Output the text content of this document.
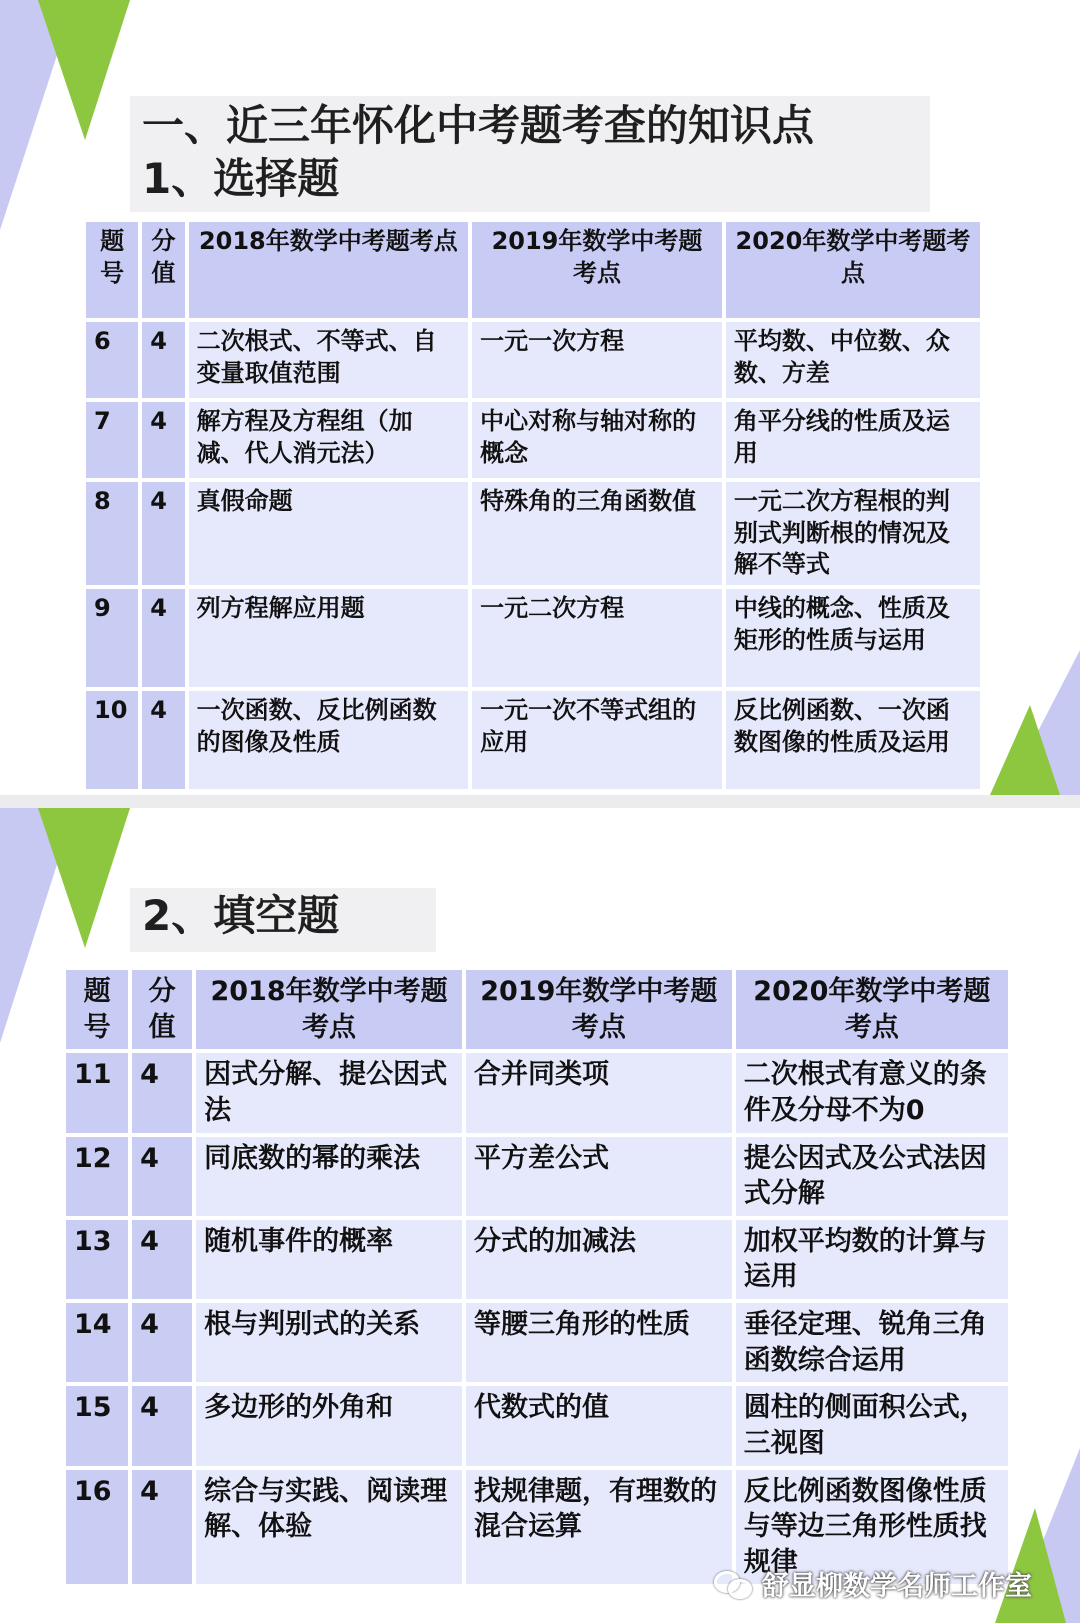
一、近三年怀化中考题考查的知识点
1、选择题
题号	分值	2018年数学中考题考点	2019年数学中考题考点	2020年数学中考题考点
6	4	二次根式、不等式、自变量取值范围	一元一次方程	平均数、中位数、众数、方差
7	4	解方程及方程组（加减、代人消元法）	中心对称与轴对称的概念	角平分线的性质及运用
8	4	真假命题	特殊角的三角函数值	一元二次方程根的判别式判断根的情况及解不等式
9	4	列方程解应用题	一元二次方程	中线的概念、性质及矩形的性质与运用
10	4	一次函数、反比例函数的图像及性质	一元一次不等式组的应用	反比例函数、一次函数图像的性质及运用
2、填空题
题号	分值	2018年数学中考题考点	2019年数学中考题考点	2020年数学中考题考点
11	4	因式分解、提公因式法	合并同类项	二次根式有意义的条件及分母不为0
12	4	同底数的幂的乘法	平方差公式	提公因式及公式法因式分解
13	4	随机事件的概率	分式的加减法	加权平均数的计算与运用
14	4	根与判别式的关系	等腰三角形的性质	垂径定理、锐角三角函数综合运用
15	4	多边形的外角和	代数式的值	圆柱的侧面积公式，三视图
16	4	综合与实践、阅读理解、体验	找规律题，有理数的混合运算	反比例函数图像性质与等边三角形性质找规律
舒显柳数学名师工作室
